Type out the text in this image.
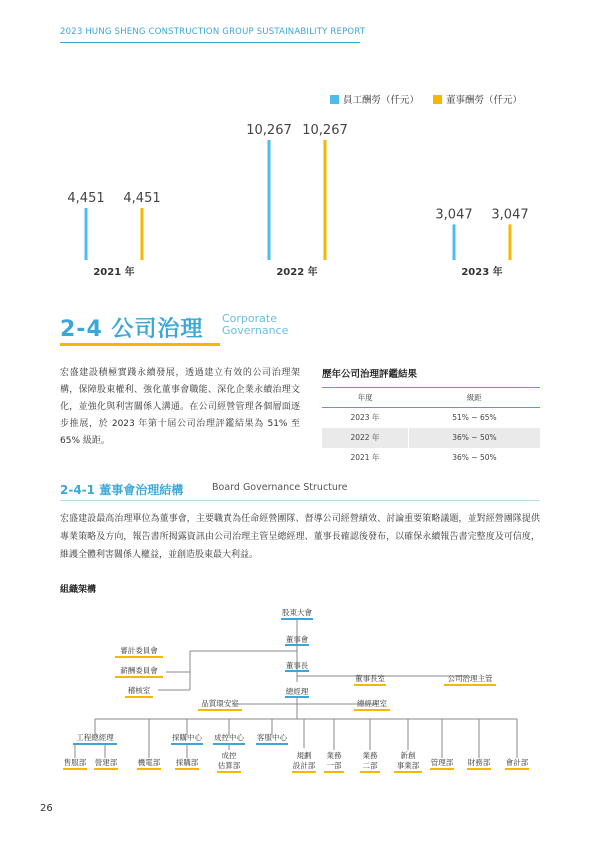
2023 HUNG SHENG CONSTRUCTION GROUP SUSTAINABILITY REPORT
員工酬勞（仟元）	董事酬勞（仟元）
4,451 4,451
2021 年
10,267 10,267
2022 年
3,047 3,047
2023 年
2-4 公司治理 Corporate
Governance

宏盛建設積極實踐永續發展，透過建立有效的公司治理架構，保障股東權利、強化董事會職能、深化企業永續治理文化，並強化與利害關係人溝通。在公司經營管理各個層面逐步推展，於 2023 年第十屆公司治理評鑑結果為 51% 至 65% 級距。

歷年公司治理評鑑結果
年度	級距
2023 年	51% ~ 65%
2022 年	36% ~ 50%
2021 年	36% ~ 50%
2-4-1 董事會治理結構	Board Governance Structure
宏盛建設最高治理單位為董事會，主要職責為任命經營團隊、督導公司經營績效、討論重要策略議題，並對經營團隊提供專業策略及方向，報告書所揭露資訊由公司治理主管呈總經理、董事長確認後發布，以確保永續報告書完整度及可信度，維護全體利害關係人權益，並創造股東最大利益。
組織架構
股東大會
董事會
審計委員會
薪酬委員會
稽核室
董事長
董事長室	公司治理主管
總經理
品質環安室	總經理室
工程總經理
售服部 營建部	機電部
採購中心
採購部
成控中心
成控
估算部
客服中心
規劃
設計部
業務
一部
業務
二部
新創
事業部 管理部 財務部 會計部
26
